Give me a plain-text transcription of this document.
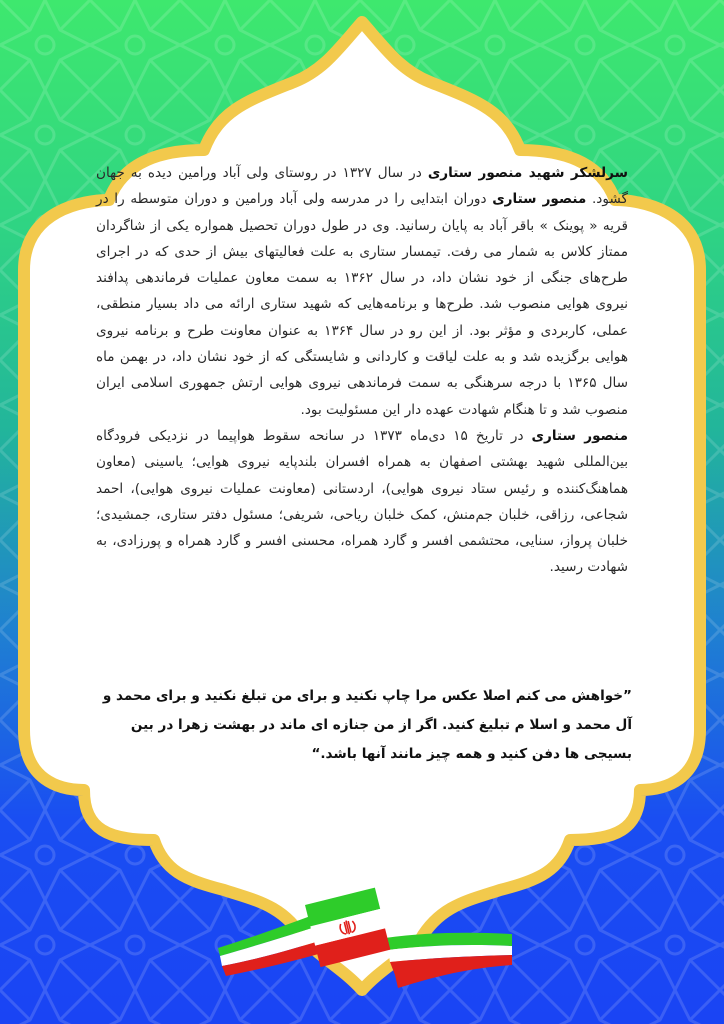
سرلشکر شهید منصور ستاری در سال ۱۳۲۷ در روستای ولی آباد ورامین دیده به جهان گشود. منصور ستاری دوران ابتدایی را در مدرسه ولی آباد ورامین و دوران متوسطه را در قریه « پوینک » باقر آباد به پایان رسانید. وی در طول دوران تحصیل همواره یکی از شاگردان ممتاز کلاس به شمار می رفت. تیمسار ستاری به علت فعالیتهای بیش از حدی که در اجرای طرح‌های جنگی از خود نشان داد، در سال ۱۳۶۲ به سمت معاون عملیات فرماندهی پدافند نیروی هوایی منصوب شد. طرح‌ها و برنامه‌هایی که شهید ستاری ارائه می داد بسیار منطقی، عملی، کاربردی و مؤثر بود. از این رو در سال ۱۳۶۴ به عنوان معاونت طرح و برنامه نیروی هوایی برگزیده شد و به علت لیاقت و کاردانی و شایستگی که از خود نشان داد، در بهمن ماه سال ۱۳۶۵ با درجه سرهنگی به سمت فرماندهی نیروی هوایی ارتش جمهوری اسلامی ایران منصوب شد و تا هنگام شهادت عهده دار این مسئولیت بود.

منصور ستاری در تاریخ ۱۵ دی‌ماه ۱۳۷۳ در سانحه سقوط هواپیما در نزدیکی فرودگاه بین‌المللی شهید بهشتی اصفهان به همراه افسران بلندپایه نیروی هوایی؛ یاسینی (معاون هماهنگ‌کننده و رئیس ستاد نیروی هوایی)، اردستانی (معاونت عملیات نیروی هوایی)، احمد شجاعی، رزاقی، خلبان جم‌منش، کمک خلبان ریاحی، شریفی؛ مسئول دفتر ستاری، جمشیدی؛ خلبان پرواز، سنایی، محتشمی افسر و گارد همراه، محسنی افسر و گارد همراه و پورزادی، به شهادت رسید.

”خواهش می کنم اصلا عکس مرا چاپ نکنید و برای من تبلغ نکنید و برای محمد و آل محمد و اسلا م تبلیغ کنید. اگر از من جنازه ای ماند در بهشت زهرا در بین بسیجی ها دفن کنید و همه چیز مانند آنها باشد.“
